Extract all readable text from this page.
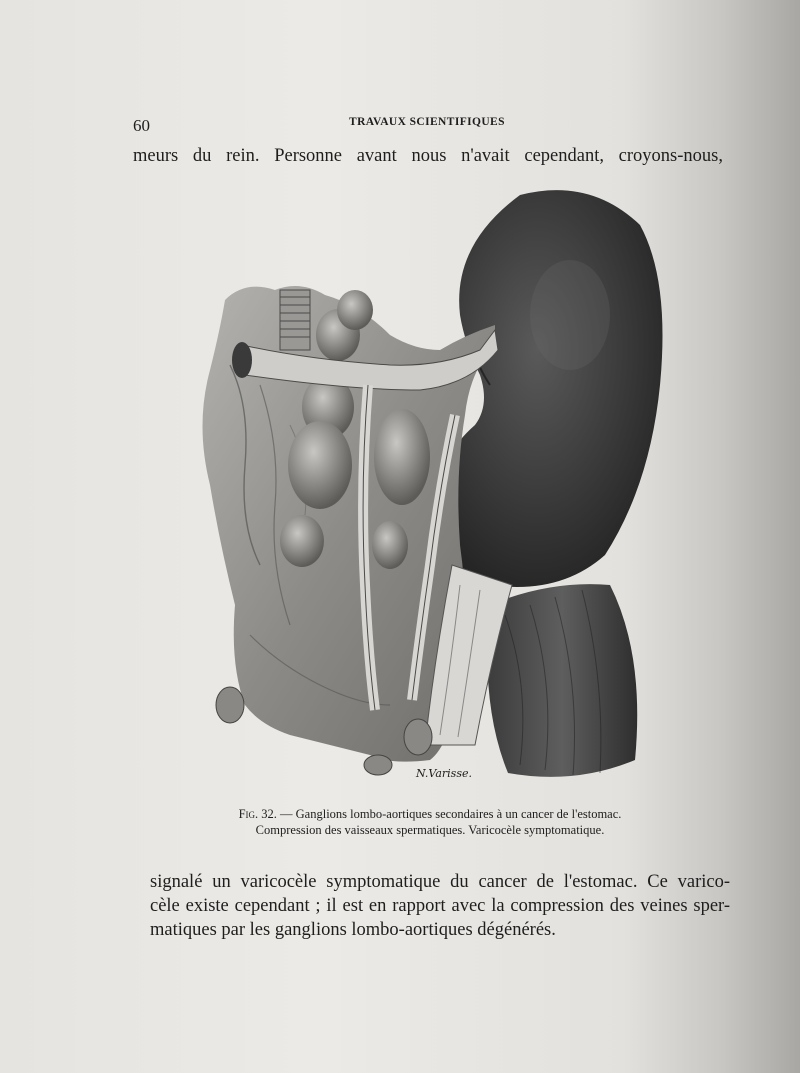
60	TRAVAUX SCIENTIFIQUES
meurs du rein. Personne avant nous n'avait cependant, croyons-nous,
N.Varisse.
Fig. 32. — Ganglions lombo-aortiques secondaires à un cancer de l'estomac.
Compression des vaisseaux spermatiques. Varicocèle symptomatique.
signalé un varicocèle symptomatique du cancer de l'estomac. Ce varico-
cèle existe cependant ; il est en rapport avec la compression des veines sper-
matiques par les ganglions lombo-aortiques dégénérés.
